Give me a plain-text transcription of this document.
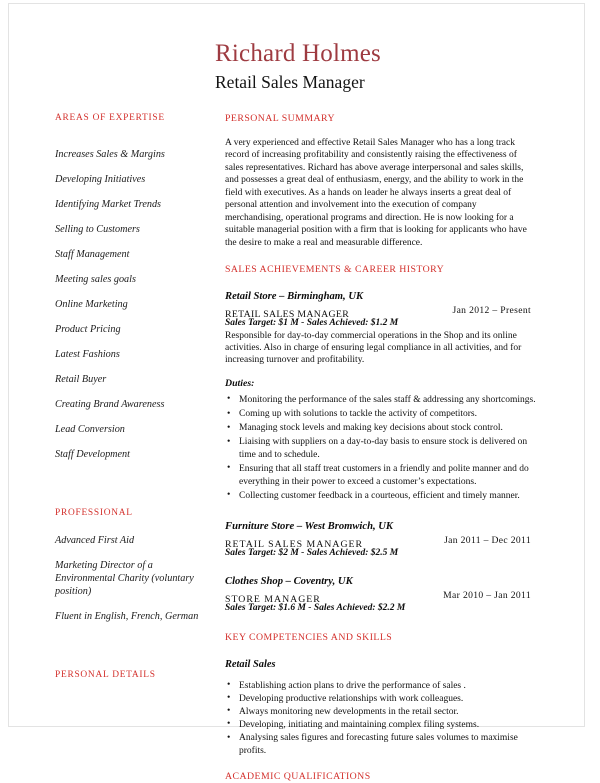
Richard Holmes
Retail Sales Manager
AREAS OF EXPERTISE
Increases Sales & Margins
Developing Initiatives
Identifying Market Trends
Selling to Customers
Staff Management
Meeting sales goals
Online Marketing
Product Pricing
Latest Fashions
Retail Buyer
Creating Brand Awareness
Lead Conversion
Staff Development
PROFESSIONAL
Advanced First Aid
Marketing Director of a Environmental Charity (voluntary position)
Fluent in English, French, German
PERSONAL DETAILS
PERSONAL SUMMARY
A very experienced and effective Retail Sales Manager who has a long track record of increasing profitability and consistently raising the effectiveness of sales representatives. Richard has above average interpersonal and sales skills, and possesses a great deal of enthusiasm, energy, and the ability to work in the field with executives. As a hands on leader he always inserts a great deal of personal attention and involvement into the execution of company merchandising, operational programs and direction. He is now looking for a suitable managerial position with a firm that is looking for applicants who have the desire to make a real and measurable difference.
SALES ACHIEVEMENTS & CAREER HISTORY
Retail Store – Birmingham, UK
RETAIL SALES MANAGER	Jan 2012 – Present
Sales Target: $1 M - Sales Achieved: $1.2 M
Responsible for day-to-day commercial operations in the Shop and its online activities. Also in charge of ensuring legal compliance in all activities, and for increasing turnover and profitability.
Duties:
• Monitoring the performance of the sales staff & addressing any shortcomings.
• Coming up with solutions to tackle the activity of competitors.
• Managing stock levels and making key decisions about stock control.
• Liaising with suppliers on a day-to-day basis to ensure stock is delivered on time and to schedule.
• Ensuring that all staff treat customers in a friendly and polite manner and do everything in their power to exceed a customer’s expectations.
• Collecting customer feedback in a courteous, efficient and timely manner.
Furniture Store – West Bromwich, UK
RETAIL SALES MANAGER	Jan 2011 – Dec 2011
Sales Target: $2 M - Sales Achieved: $2.5 M
Clothes Shop – Coventry, UK
STORE MANAGER	Mar 2010 – Jan 2011
Sales Target: $1.6 M - Sales Achieved: $2.2 M
KEY COMPETENCIES AND SKILLS
Retail Sales
• Establishing action plans to drive the performance of sales .
• Developing productive relationships with work colleagues.
• Always monitoring new developments in the retail sector.
• Developing, initiating and maintaining complex filing systems.
• Analysing sales figures and forecasting future sales volumes to maximise profits.
ACADEMIC QUALIFICATIONS
